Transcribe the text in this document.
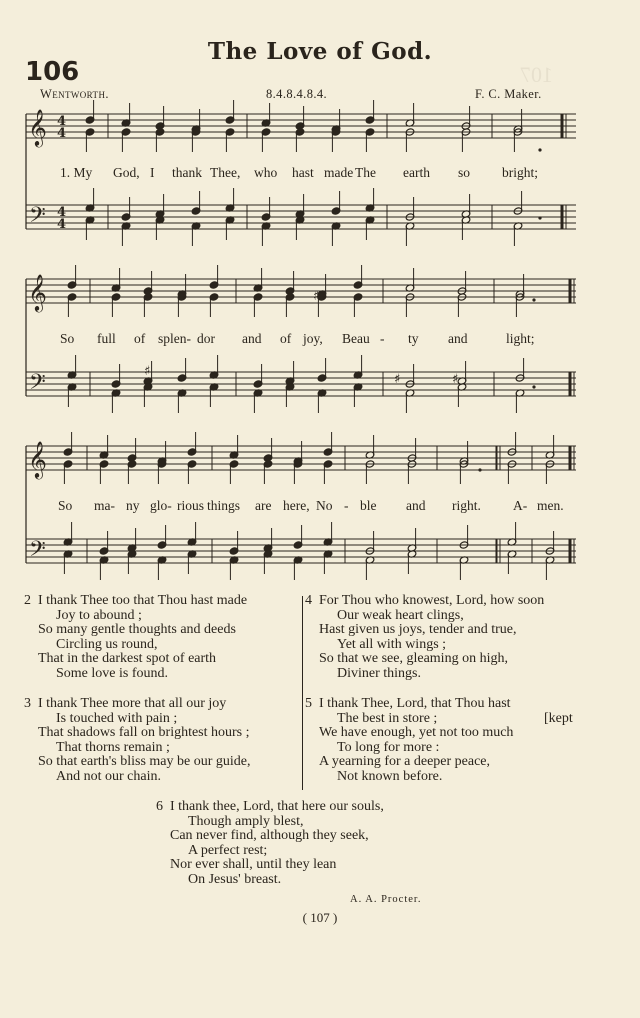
107
The Love of God.
106
Wentworth.	8.4.8.4.8.4.	F. C. Maker.
𝄞
𝄢
4
4
4
4
𝄞
𝄢
𝄞
𝄢
♯
♯
♯	♯	♯
1. My God, I thank Thee, who hast made The earth so bright;
So full of splen- dor and of joy, Beau - ty and	light;
So ma- ny glo- rious things are here, No - ble and right. A- men.
2 I thank Thee too that Thou hast made
Joy to abound ;
So many gentle thoughts and deeds
Circling us round,
That in the darkest spot of earth
Some love is found.
3 I thank Thee more that all our joy
Is touched with pain ;
That shadows fall on brightest hours ;
That thorns remain ;
So that earth's bliss may be our guide,
And not our chain.
4 For Thou who knowest, Lord, how soon
Our weak heart clings,
Hast given us joys, tender and true,
Yet all with wings ;
So that we see, gleaming on high,
Diviner things.
5 I thank Thee, Lord, that Thou hast
The best in store ;
We have enough, yet not too much
To long for more :
A yearning for a deeper peace,
Not known before.
6 I thank thee, Lord, that here our souls,
Though amply blest,
Can never find, although they seek,
A perfect rest;
Nor ever shall, until they lean
On Jesus' breast.
[kept
A. A. Procter.
( 107 )
